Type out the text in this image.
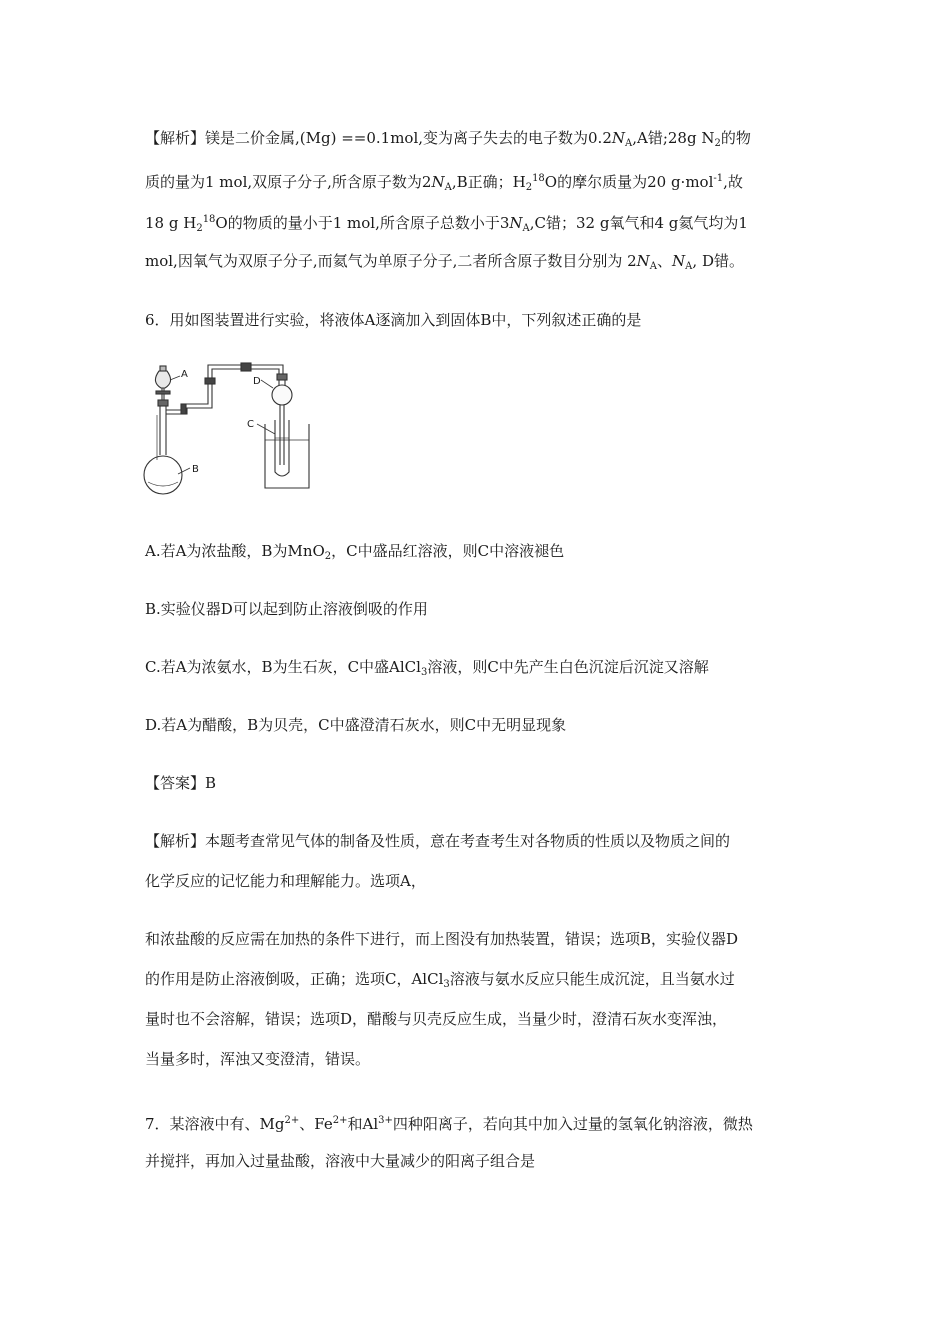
【解析】镁是二价金属,(Mg) ==0.1mol,变为离子失去的电子数为$0.2N_A,A$错;28g $N_2$的物
质的量为1 mol,双原子分子,所含原子数为$2N_A,B$正确；$H_2^{18}O$的摩尔质量为20 g·mol$^{-1}$,故
18 g $H_2^{18}O$的物质的量小于1 mol,所含原子总数小于$3N_A,C$错；32 g氧气和4 g氦气均为1
mol,因氧气为双原子分子,而氦气为单原子分子,二者所含原子数目分别为 $2N_A$、$N_A$, D错。
6．用如图装置进行实验，将液体A逐滴加入到固体B中，下列叙述正确的是
A
B
C
D
A.若A为浓盐酸，B为MnO$_2$，C中盛品红溶液，则C中溶液褪色
B.实验仪器D可以起到防止溶液倒吸的作用
C.若A为浓氨水，B为生石灰，C中盛AlCl$_3$溶液，则C中先产生白色沉淀后沉淀又溶解
D.若A为醋酸，B为贝壳，C中盛澄清石灰水，则C中无明显现象
【答案】B
【解析】本题考查常见气体的制备及性质，意在考查考生对各物质的性质以及物质之间的
化学反应的记忆能力和理解能力。选项A，
和浓盐酸的反应需在加热的条件下进行，而上图没有加热装置，错误；选项B，实验仪器D
的作用是防止溶液倒吸，正确；选项C，AlCl$_3$溶液与氨水反应只能生成沉淀，且当氨水过
量时也不会溶解，错误；选项D，醋酸与贝壳反应生成，当量少时，澄清石灰水变浑浊，
当量多时，浑浊又变澄清，错误。
7．某溶液中有、$Mg^{2+}$、$Fe^{2+}$和$Al^{3+}$四种阳离子，若向其中加入过量的氢氧化钠溶液，微热
并搅拌，再加入过量盐酸，溶液中大量减少的阳离子组合是
